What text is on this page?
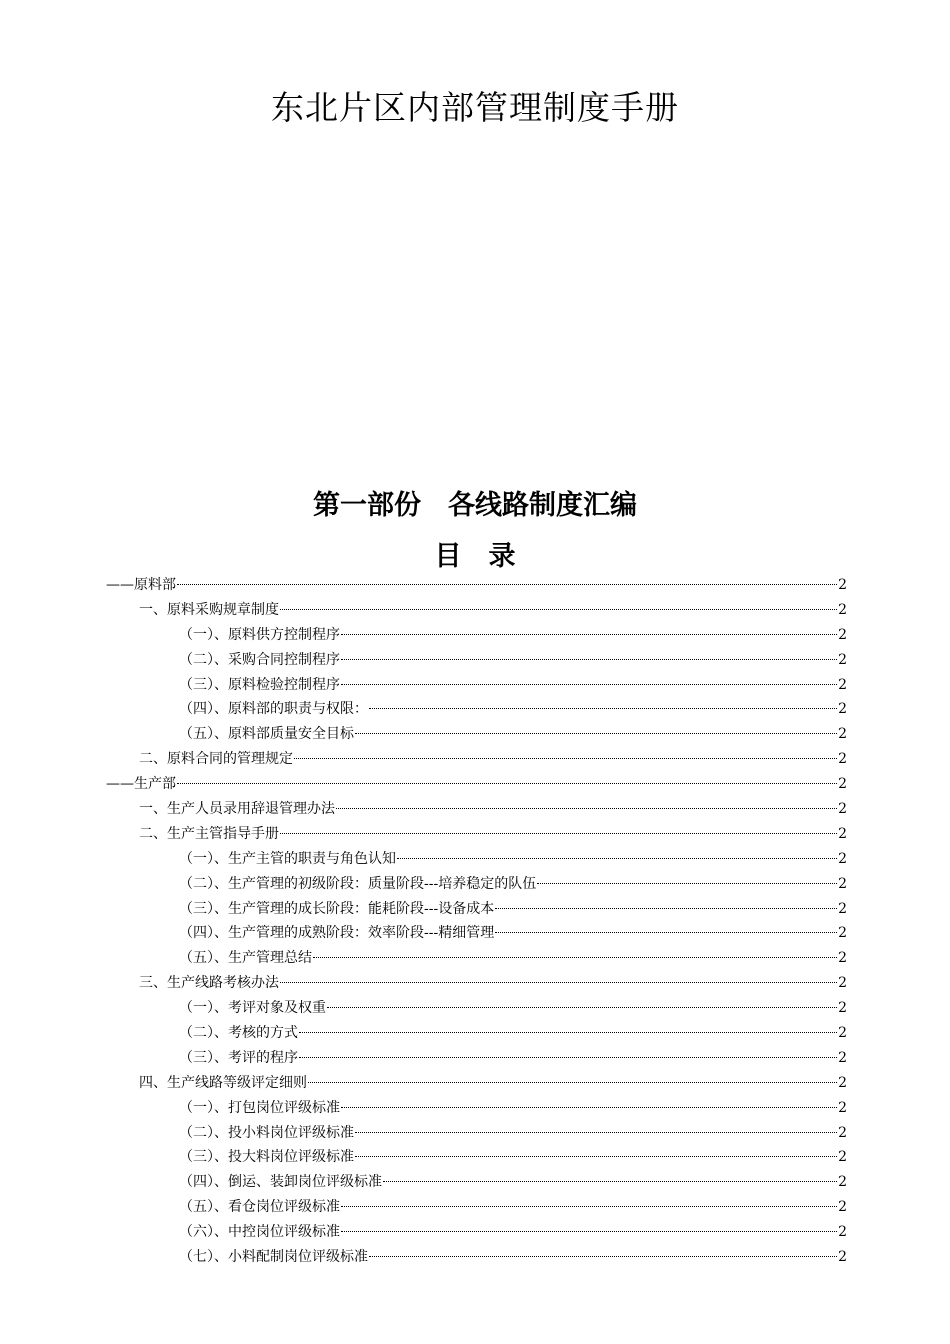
东北片区内部管理制度手册
第一部份　各线路制度汇编
目　录
——原料部	2
一、原料采购规章制度	2
（一）、原料供方控制程序	2
（二）、采购合同控制程序	2
（三）、原料检验控制程序	2
（四）、原料部的职责与权限：	2
（五）、原料部质量安全目标	2
二、原料合同的管理规定	2
——生产部	2
一、生产人员录用辞退管理办法	2
二、生产主管指导手册	2
（一）、生产主管的职责与角色认知	2
（二）、生产管理的初级阶段：质量阶段---培养稳定的队伍	2
（三）、生产管理的成长阶段：能耗阶段---设备成本	2
（四）、生产管理的成熟阶段：效率阶段---精细管理	2
（五）、生产管理总结	2
三、生产线路考核办法	2
（一）、考评对象及权重	2
（二）、考核的方式	2
（三）、考评的程序	2
四、生产线路等级评定细则	2
（一）、打包岗位评级标准	2
（二）、投小料岗位评级标准	2
（三）、投大料岗位评级标准	2
（四）、倒运、装卸岗位评级标准	2
（五）、看仓岗位评级标准	2
（六）、中控岗位评级标准	2
（七）、小料配制岗位评级标准	2
